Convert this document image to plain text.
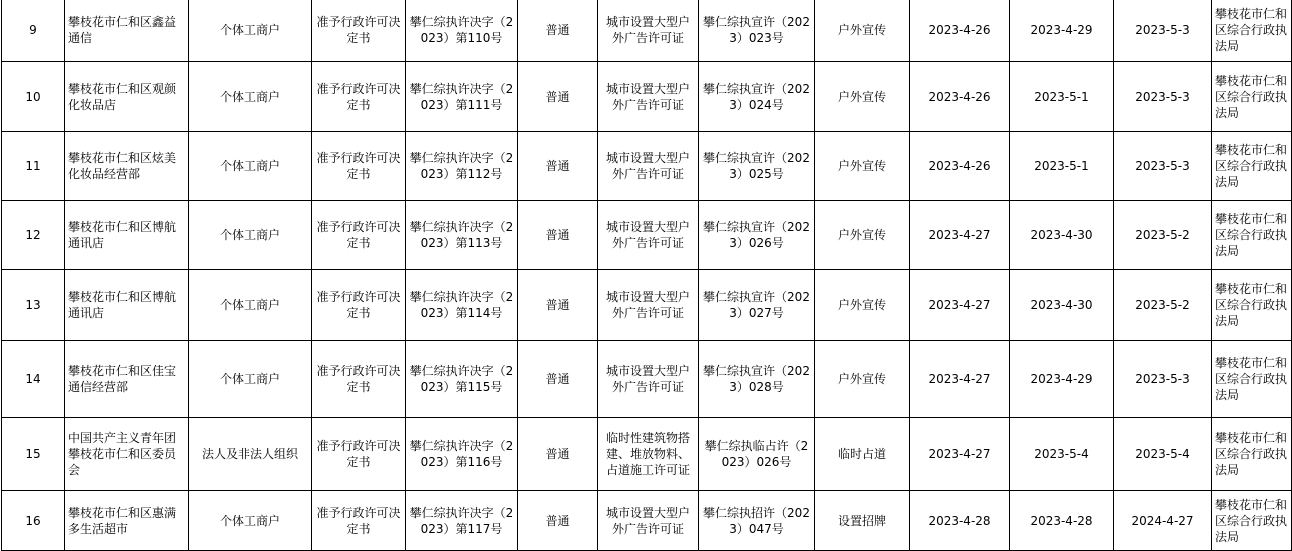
9	攀枝花市仁和区鑫益通信	个体工商户	准予行政许可决定书	攀仁综执许决字（2023）第110号	普通	城市设置大型户外广告许可证	攀仁综执宣许（2023）023号	户外宣传	2023-4-26	2023-4-29	2023-5-3	攀枝花市仁和区综合行政执法局
10	攀枝花市仁和区观颜化妆品店	个体工商户	准予行政许可决定书	攀仁综执许决字（2023）第111号	普通	城市设置大型户外广告许可证	攀仁综执宣许（2023）024号	户外宣传	2023-4-26	2023-5-1	2023-5-3	攀枝花市仁和区综合行政执法局
11	攀枝花市仁和区炫美化妆品经营部	个体工商户	准予行政许可决定书	攀仁综执许决字（2023）第112号	普通	城市设置大型户外广告许可证	攀仁综执宣许（2023）025号	户外宣传	2023-4-26	2023-5-1	2023-5-3	攀枝花市仁和区综合行政执法局
12	攀枝花市仁和区博航通讯店	个体工商户	准予行政许可决定书	攀仁综执许决字（2023）第113号	普通	城市设置大型户外广告许可证	攀仁综执宣许（2023）026号	户外宣传	2023-4-27	2023-4-30	2023-5-2	攀枝花市仁和区综合行政执法局
13	攀枝花市仁和区博航通讯店	个体工商户	准予行政许可决定书	攀仁综执许决字（2023）第114号	普通	城市设置大型户外广告许可证	攀仁综执宣许（2023）027号	户外宣传	2023-4-27	2023-4-30	2023-5-2	攀枝花市仁和区综合行政执法局
14	攀枝花市仁和区佳宝通信经营部	个体工商户	准予行政许可决定书	攀仁综执许决字（2023）第115号	普通	城市设置大型户外广告许可证	攀仁综执宣许（2023）028号	户外宣传	2023-4-27	2023-4-29	2023-5-3	攀枝花市仁和区综合行政执法局
15	中国共产主义青年团攀枝花市仁和区委员会	法人及非法人组织	准予行政许可决定书	攀仁综执许决字（2023）第116号	普通	临时性建筑物搭建、堆放物料、占道施工许可证	攀仁综执临占许（2023）026号	临时占道	2023-4-27	2023-5-4	2023-5-4	攀枝花市仁和区综合行政执法局
16	攀枝花市仁和区惠满多生活超市	个体工商户	准予行政许可决定书	攀仁综执许决字（2023）第117号	普通	城市设置大型户外广告许可证	攀仁综执招许（2023）047号	设置招牌	2023-4-28	2023-4-28	2024-4-27	攀枝花市仁和区综合行政执法局
